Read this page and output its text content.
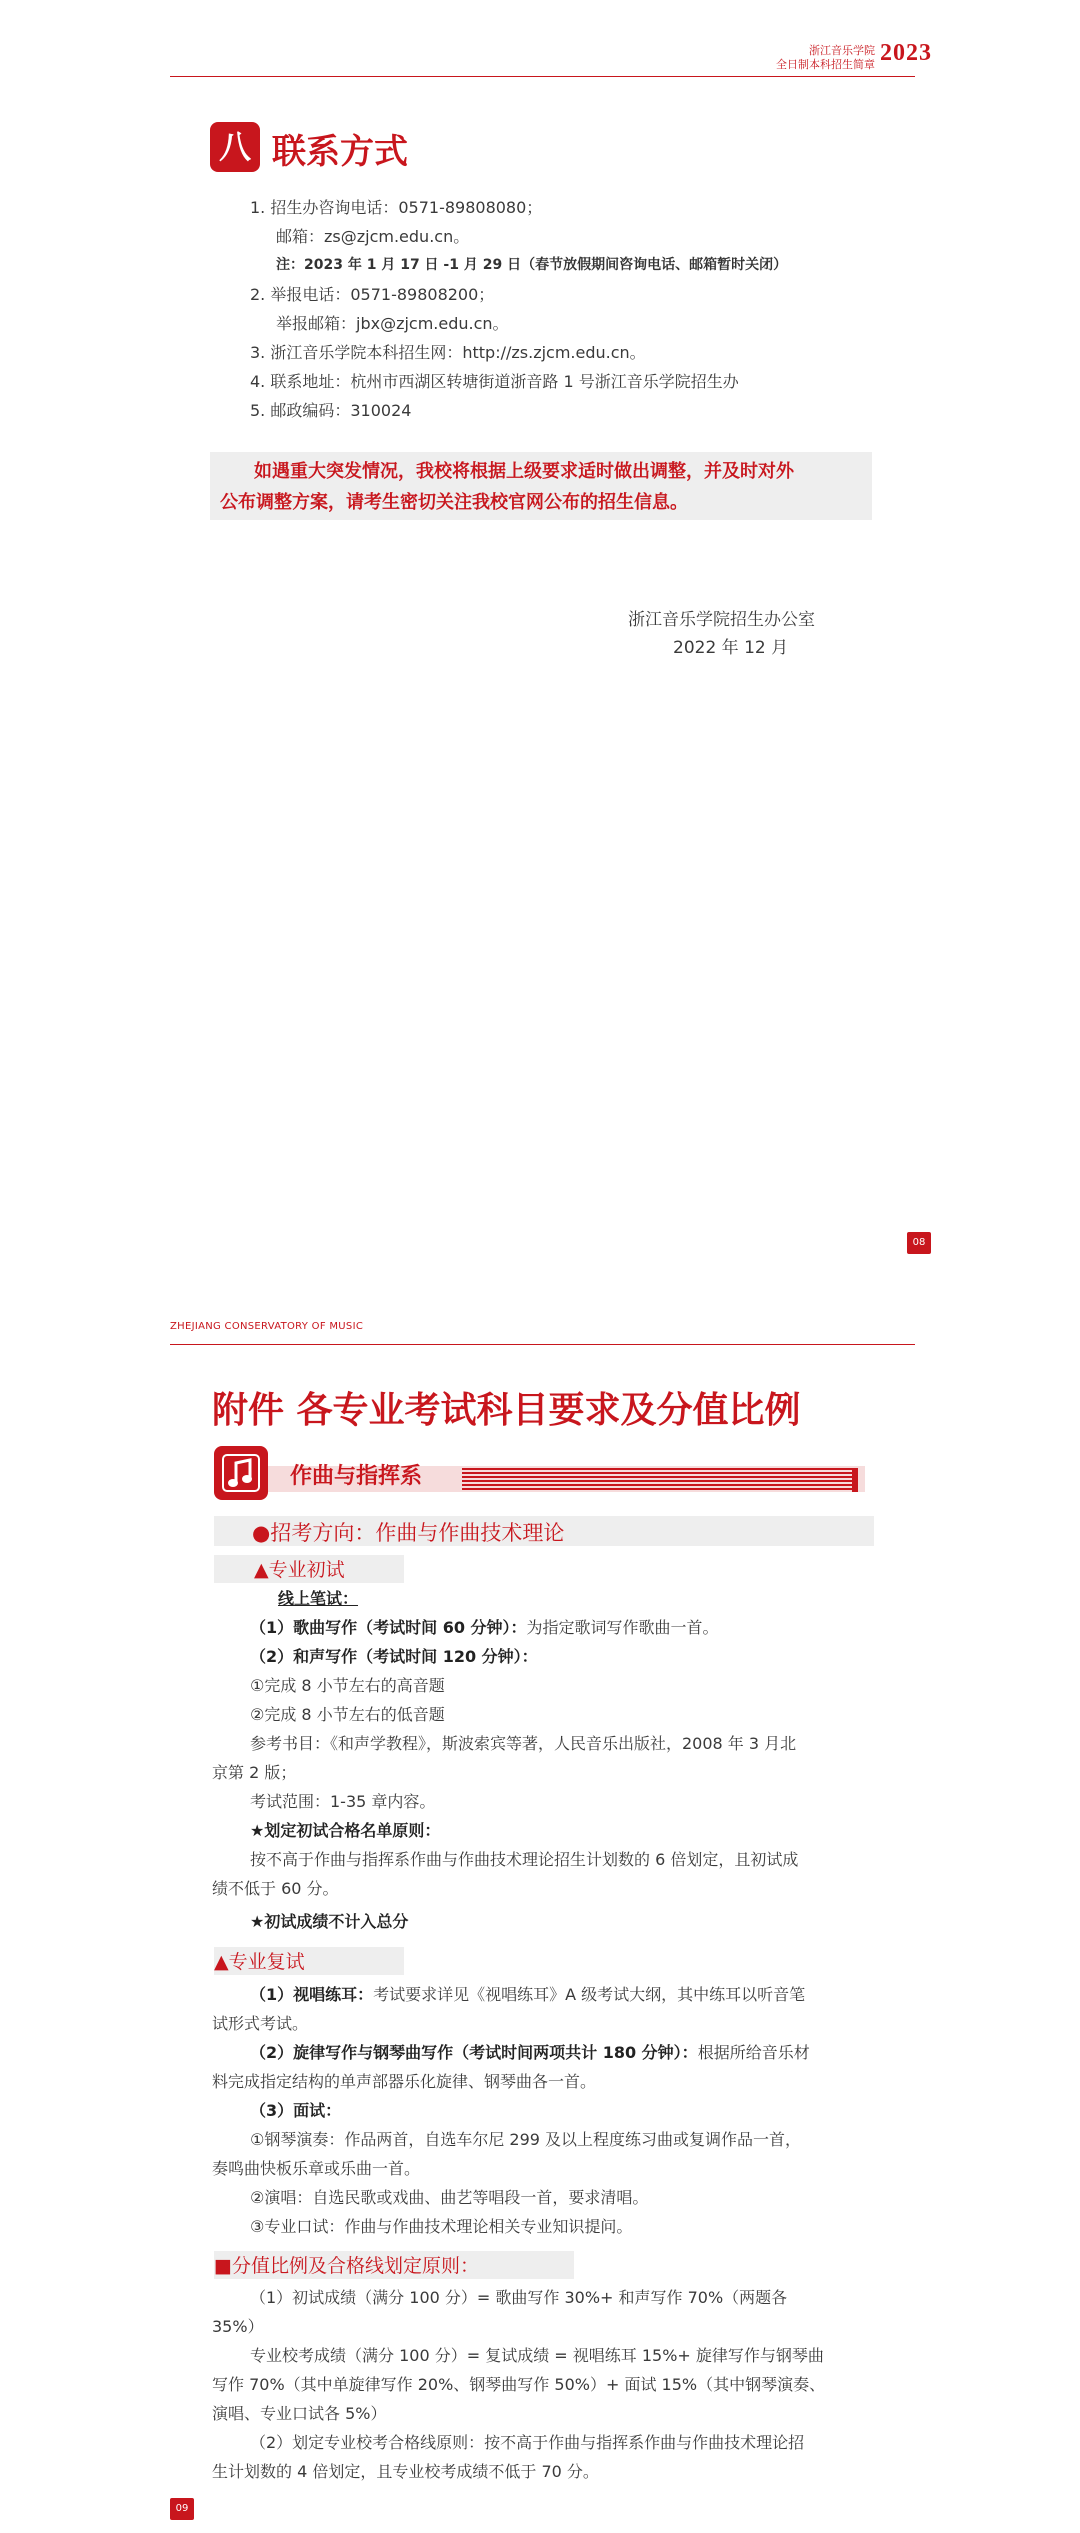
浙江音乐学院
全日制本科招生简章 2023
八 联系方式
1. 招生办咨询电话：0571-89808080；
邮箱：zs@zjcm.edu.cn。
注：2023 年 1 月 17 日 -1 月 29 日（春节放假期间咨询电话、邮箱暂时关闭）
2. 举报电话：0571-89808200；
举报邮箱：jbx@zjcm.edu.cn。
3. 浙江音乐学院本科招生网：http://zs.zjcm.edu.cn。
4. 联系地址：杭州市西湖区转塘街道浙音路 1 号浙江音乐学院招生办
5. 邮政编码：310024
如遇重大突发情况，我校将根据上级要求适时做出调整，并及时对外
公布调整方案，请考生密切关注我校官网公布的招生信息。
浙江音乐学院招生办公室
2022 年 12 月
08
ZHEJIANG CONSERVATORY OF MUSIC
附件 各专业考试科目要求及分值比例
作曲与指挥系
●招考方向：作曲与作曲技术理论
▲专业初试

线上笔试：

（1）歌曲写作（考试时间 60 分钟）：为指定歌词写作歌曲一首。

（2）和声写作（考试时间 120 分钟）：

①完成 8 小节左右的高音题

②完成 8 小节左右的低音题

参考书目：《和声学教程》，斯波索宾等著，人民音乐出版社，2008 年 3 月北

京第 2 版；

考试范围：1-35 章内容。

★划定初试合格名单原则：

按不高于作曲与指挥系作曲与作曲技术理论招生计划数的 6 倍划定，且初试成

绩不低于 60 分。

★初试成绩不计入总分

▲专业复试

（1）视唱练耳：考试要求详见《视唱练耳》A 级考试大纲，其中练耳以听音笔

试形式考试。

（2）旋律写作与钢琴曲写作（考试时间两项共计 180 分钟）：根据所给音乐材

料完成指定结构的单声部器乐化旋律、钢琴曲各一首。

（3）面试：

①钢琴演奏：作品两首，自选车尔尼 299 及以上程度练习曲或复调作品一首，

奏鸣曲快板乐章或乐曲一首。

②演唱：自选民歌或戏曲、曲艺等唱段一首，要求清唱。

③专业口试：作曲与作曲技术理论相关专业知识提问。

■分值比例及合格线划定原则：

（1）初试成绩（满分 100 分）= 歌曲写作 30%+ 和声写作 70%（两题各

35%）

专业校考成绩（满分 100 分）= 复试成绩 = 视唱练耳 15%+ 旋律写作与钢琴曲

写作 70%（其中单旋律写作 20%、钢琴曲写作 50%）+ 面试 15%（其中钢琴演奏、

演唱、专业口试各 5%）

（2）划定专业校考合格线原则：按不高于作曲与指挥系作曲与作曲技术理论招

生计划数的 4 倍划定，且专业校考成绩不低于 70 分。

09
